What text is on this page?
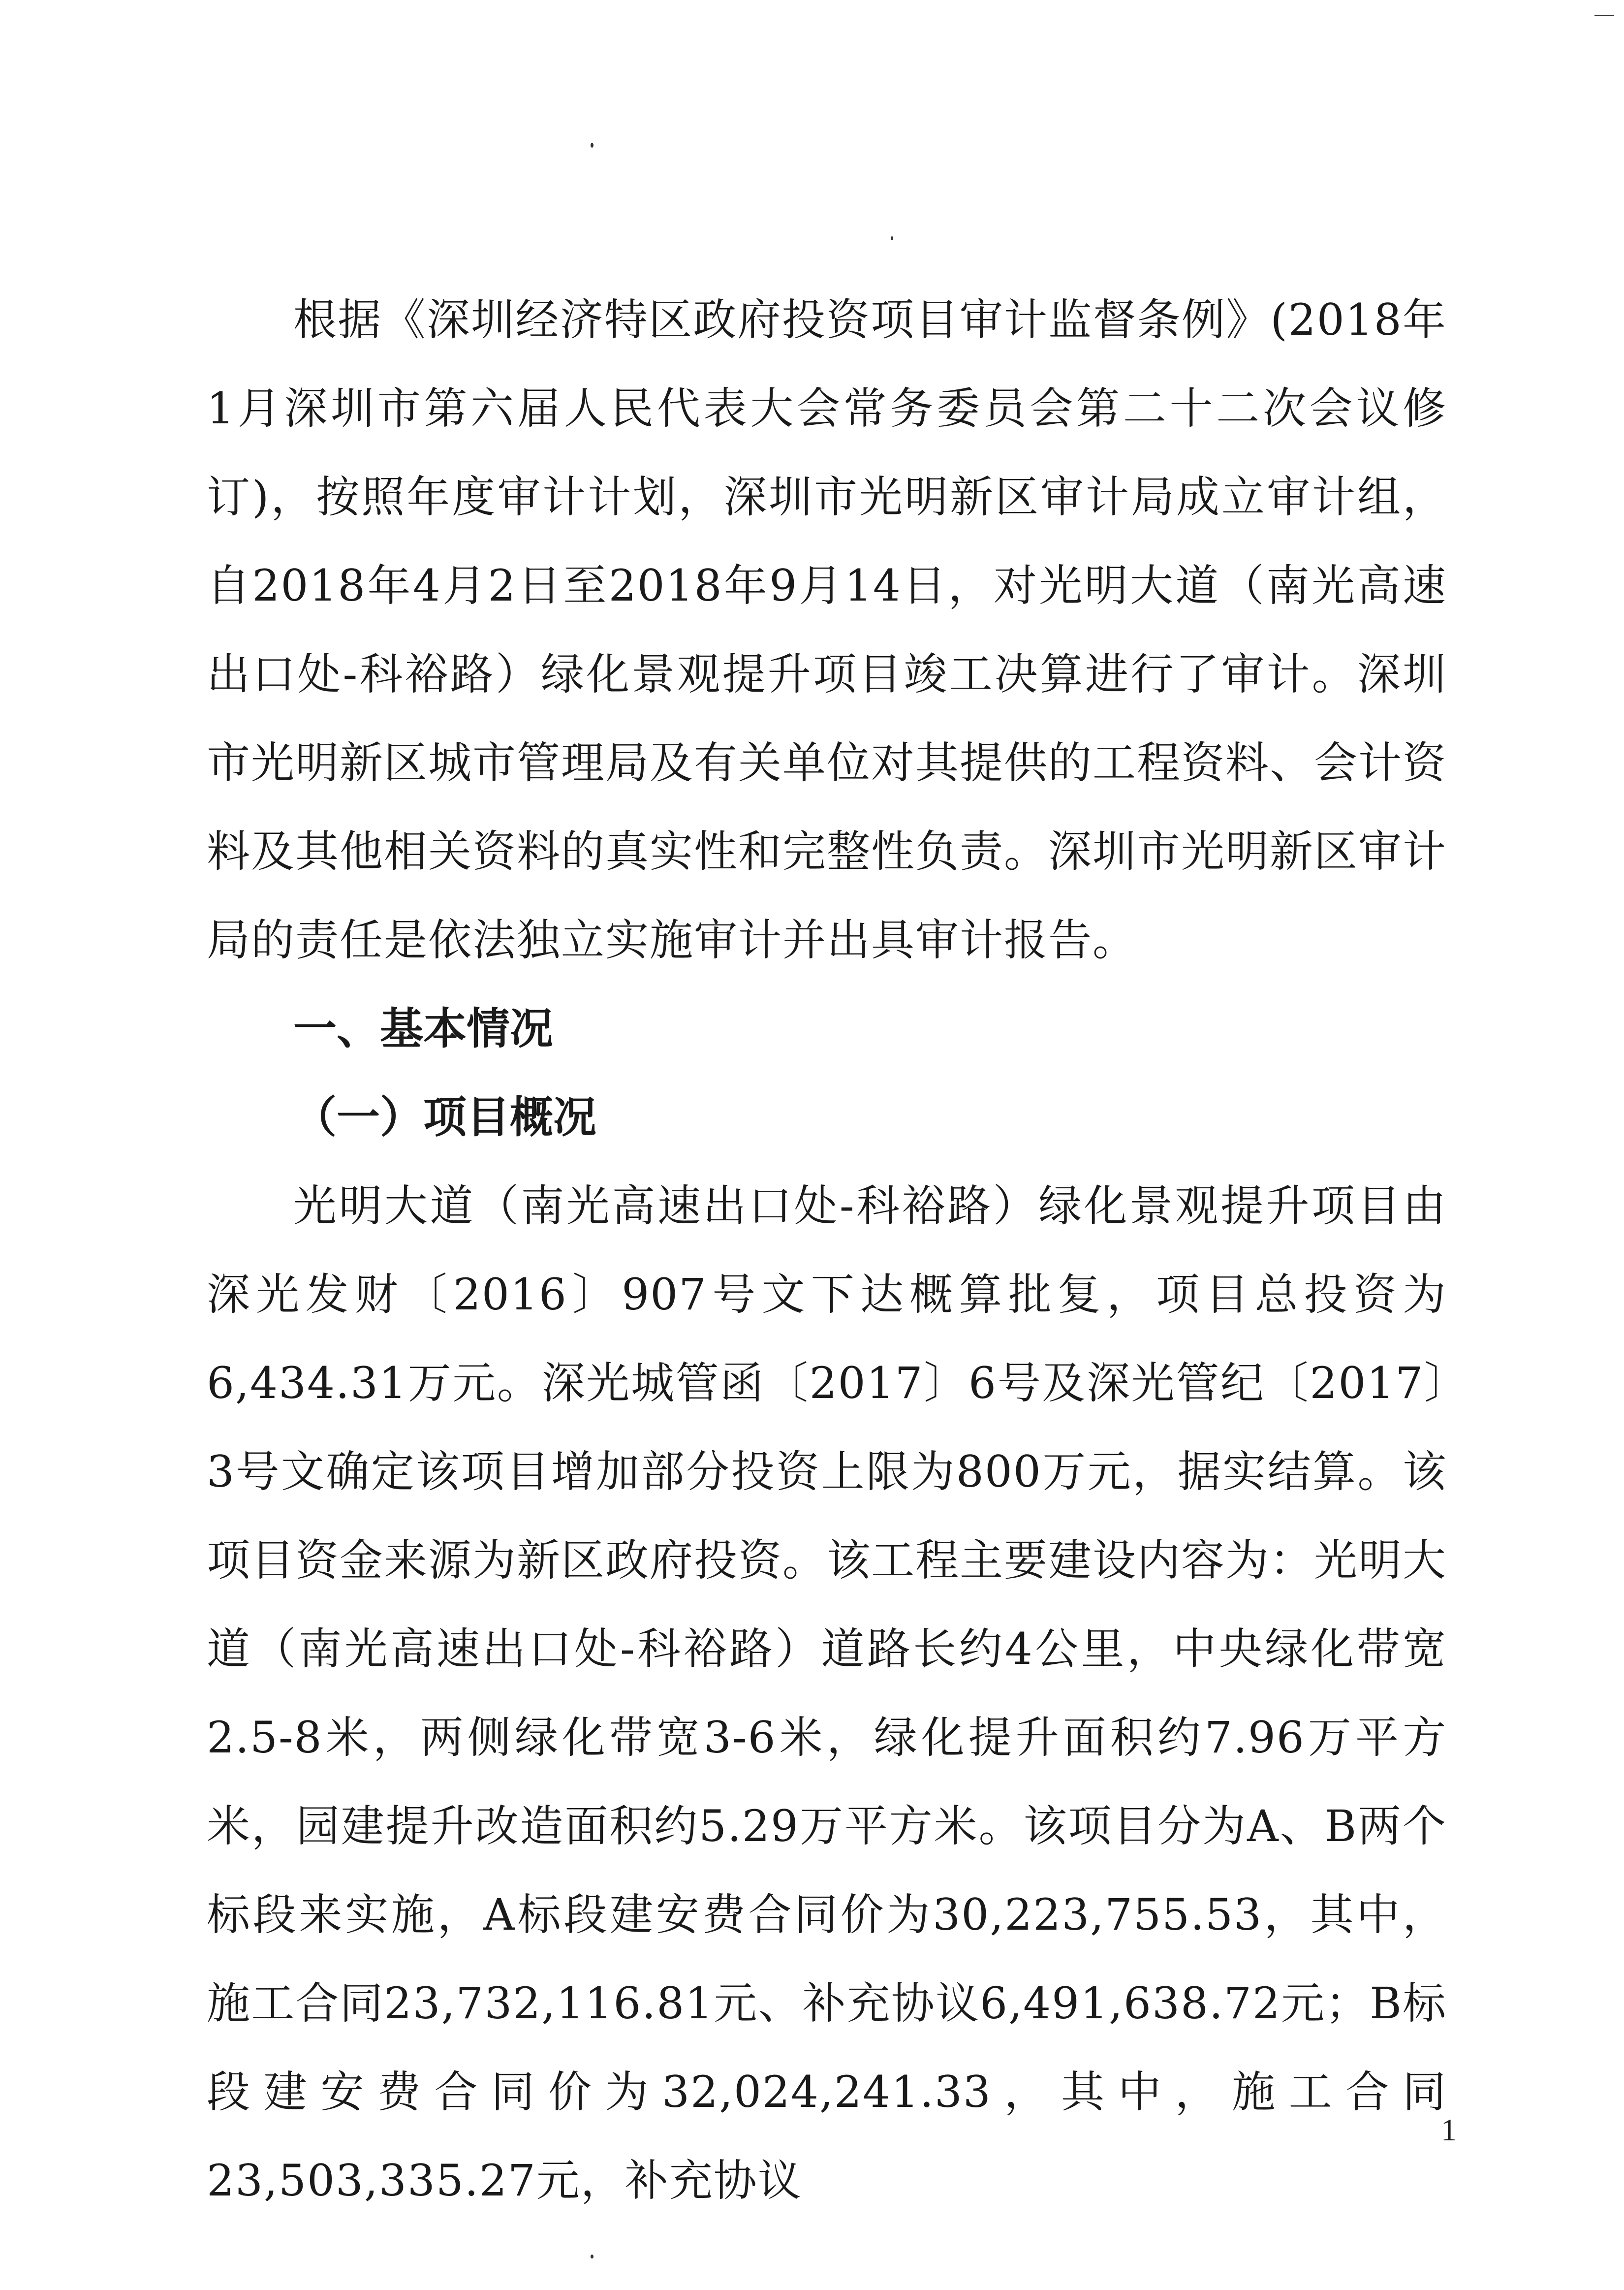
根据《深圳经济特区政府投资项目审计监督条例》(2018年1月深圳市第六届人民代表大会常务委员会第二十二次会议修订)，按照年度审计计划，深圳市光明新区审计局成立审计组，自2018年4月2日至2018年9月14日，对光明大道（南光高速出口处-科裕路）绿化景观提升项目竣工决算进行了审计。深圳市光明新区城市管理局及有关单位对其提供的工程资料、会计资料及其他相关资料的真实性和完整性负责。深圳市光明新区审计局的责任是依法独立实施审计并出具审计报告。

一、基本情况

（一）项目概况

光明大道（南光高速出口处-科裕路）绿化景观提升项目由深光发财〔2016〕907号文下达概算批复，项目总投资为6,434.31万元。深光城管函〔2017〕6号及深光管纪〔2017〕3号文确定该项目增加部分投资上限为800万元，据实结算。该项目资金来源为新区政府投资。该工程主要建设内容为：光明大道（南光高速出口处-科裕路）道路长约4公里，中央绿化带宽2.5-8米，两侧绿化带宽3-6米，绿化提升面积约7.96万平方米，园建提升改造面积约5.29万平方米。该项目分为A、B两个标段来实施，A标段建安费合同价为30,223,755.53，其中，施工合同23,732,116.81元、补充协议6,491,638.72元；B标段建安费合同价为32,024,241.33，其中，施工合同23,503,335.27元，补充协议

1
